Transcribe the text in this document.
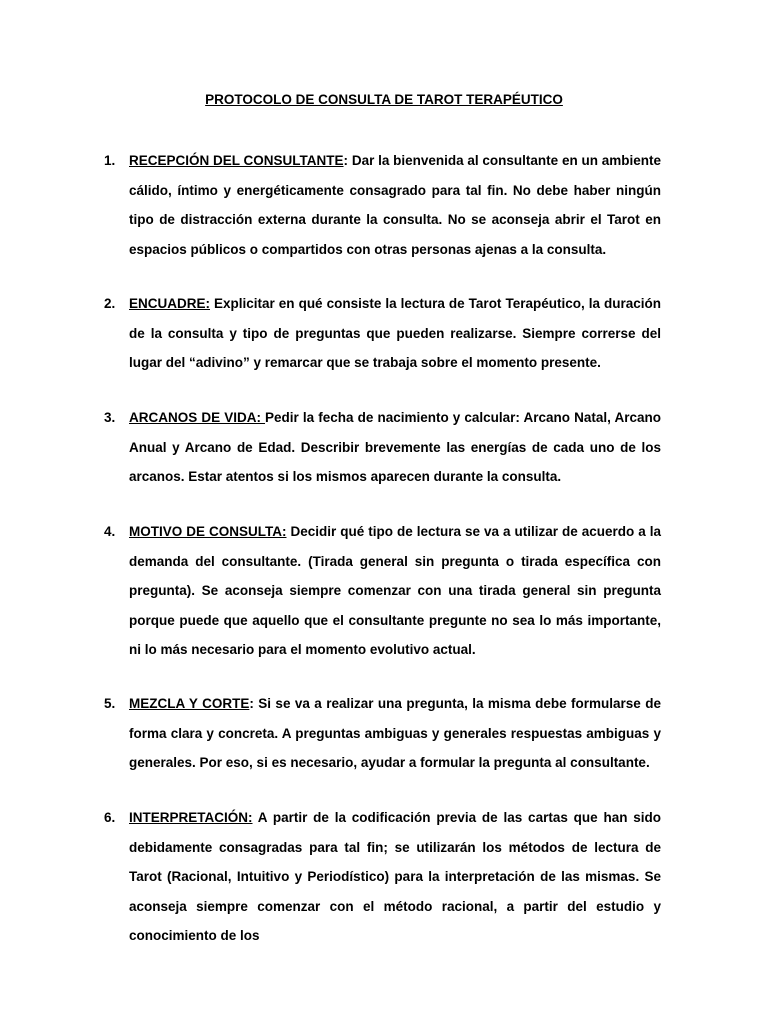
PROTOCOLO DE CONSULTA DE TAROT TERAPÉUTICO
1. RECEPCIÓN DEL CONSULTANTE: Dar la bienvenida al consultante en un ambiente cálido, íntimo y energéticamente consagrado para tal fin. No debe haber ningún tipo de distracción externa durante la consulta. No se aconseja abrir el Tarot en espacios públicos o compartidos con otras personas ajenas a la consulta.
2. ENCUADRE: Explicitar en qué consiste la lectura de Tarot Terapéutico, la duración de la consulta y tipo de preguntas que pueden realizarse. Siempre correrse del lugar del “adivino” y remarcar que se trabaja sobre el momento presente.
3. ARCANOS DE VIDA: Pedir la fecha de nacimiento y calcular: Arcano Natal, Arcano Anual y Arcano de Edad. Describir brevemente las energías de cada uno de los arcanos. Estar atentos si los mismos aparecen durante la consulta.
4. MOTIVO DE CONSULTA: Decidir qué tipo de lectura se va a utilizar de acuerdo a la demanda del consultante. (Tirada general sin pregunta o tirada específica con pregunta). Se aconseja siempre comenzar con una tirada general sin pregunta porque puede que aquello que el consultante pregunte no sea lo más importante, ni lo más necesario para el momento evolutivo actual.
5. MEZCLA Y CORTE: Si se va a realizar una pregunta, la misma debe formularse de forma clara y concreta. A preguntas ambiguas y generales respuestas ambiguas y generales. Por eso, si es necesario, ayudar a formular la pregunta al consultante.
6. INTERPRETACIÓN: A partir de la codificación previa de las cartas que han sido debidamente consagradas para tal fin; se utilizarán los métodos de lectura de Tarot (Racional, Intuitivo y Periodístico) para la interpretación de las mismas. Se aconseja siempre comenzar con el método racional, a partir del estudio y conocimiento de los
